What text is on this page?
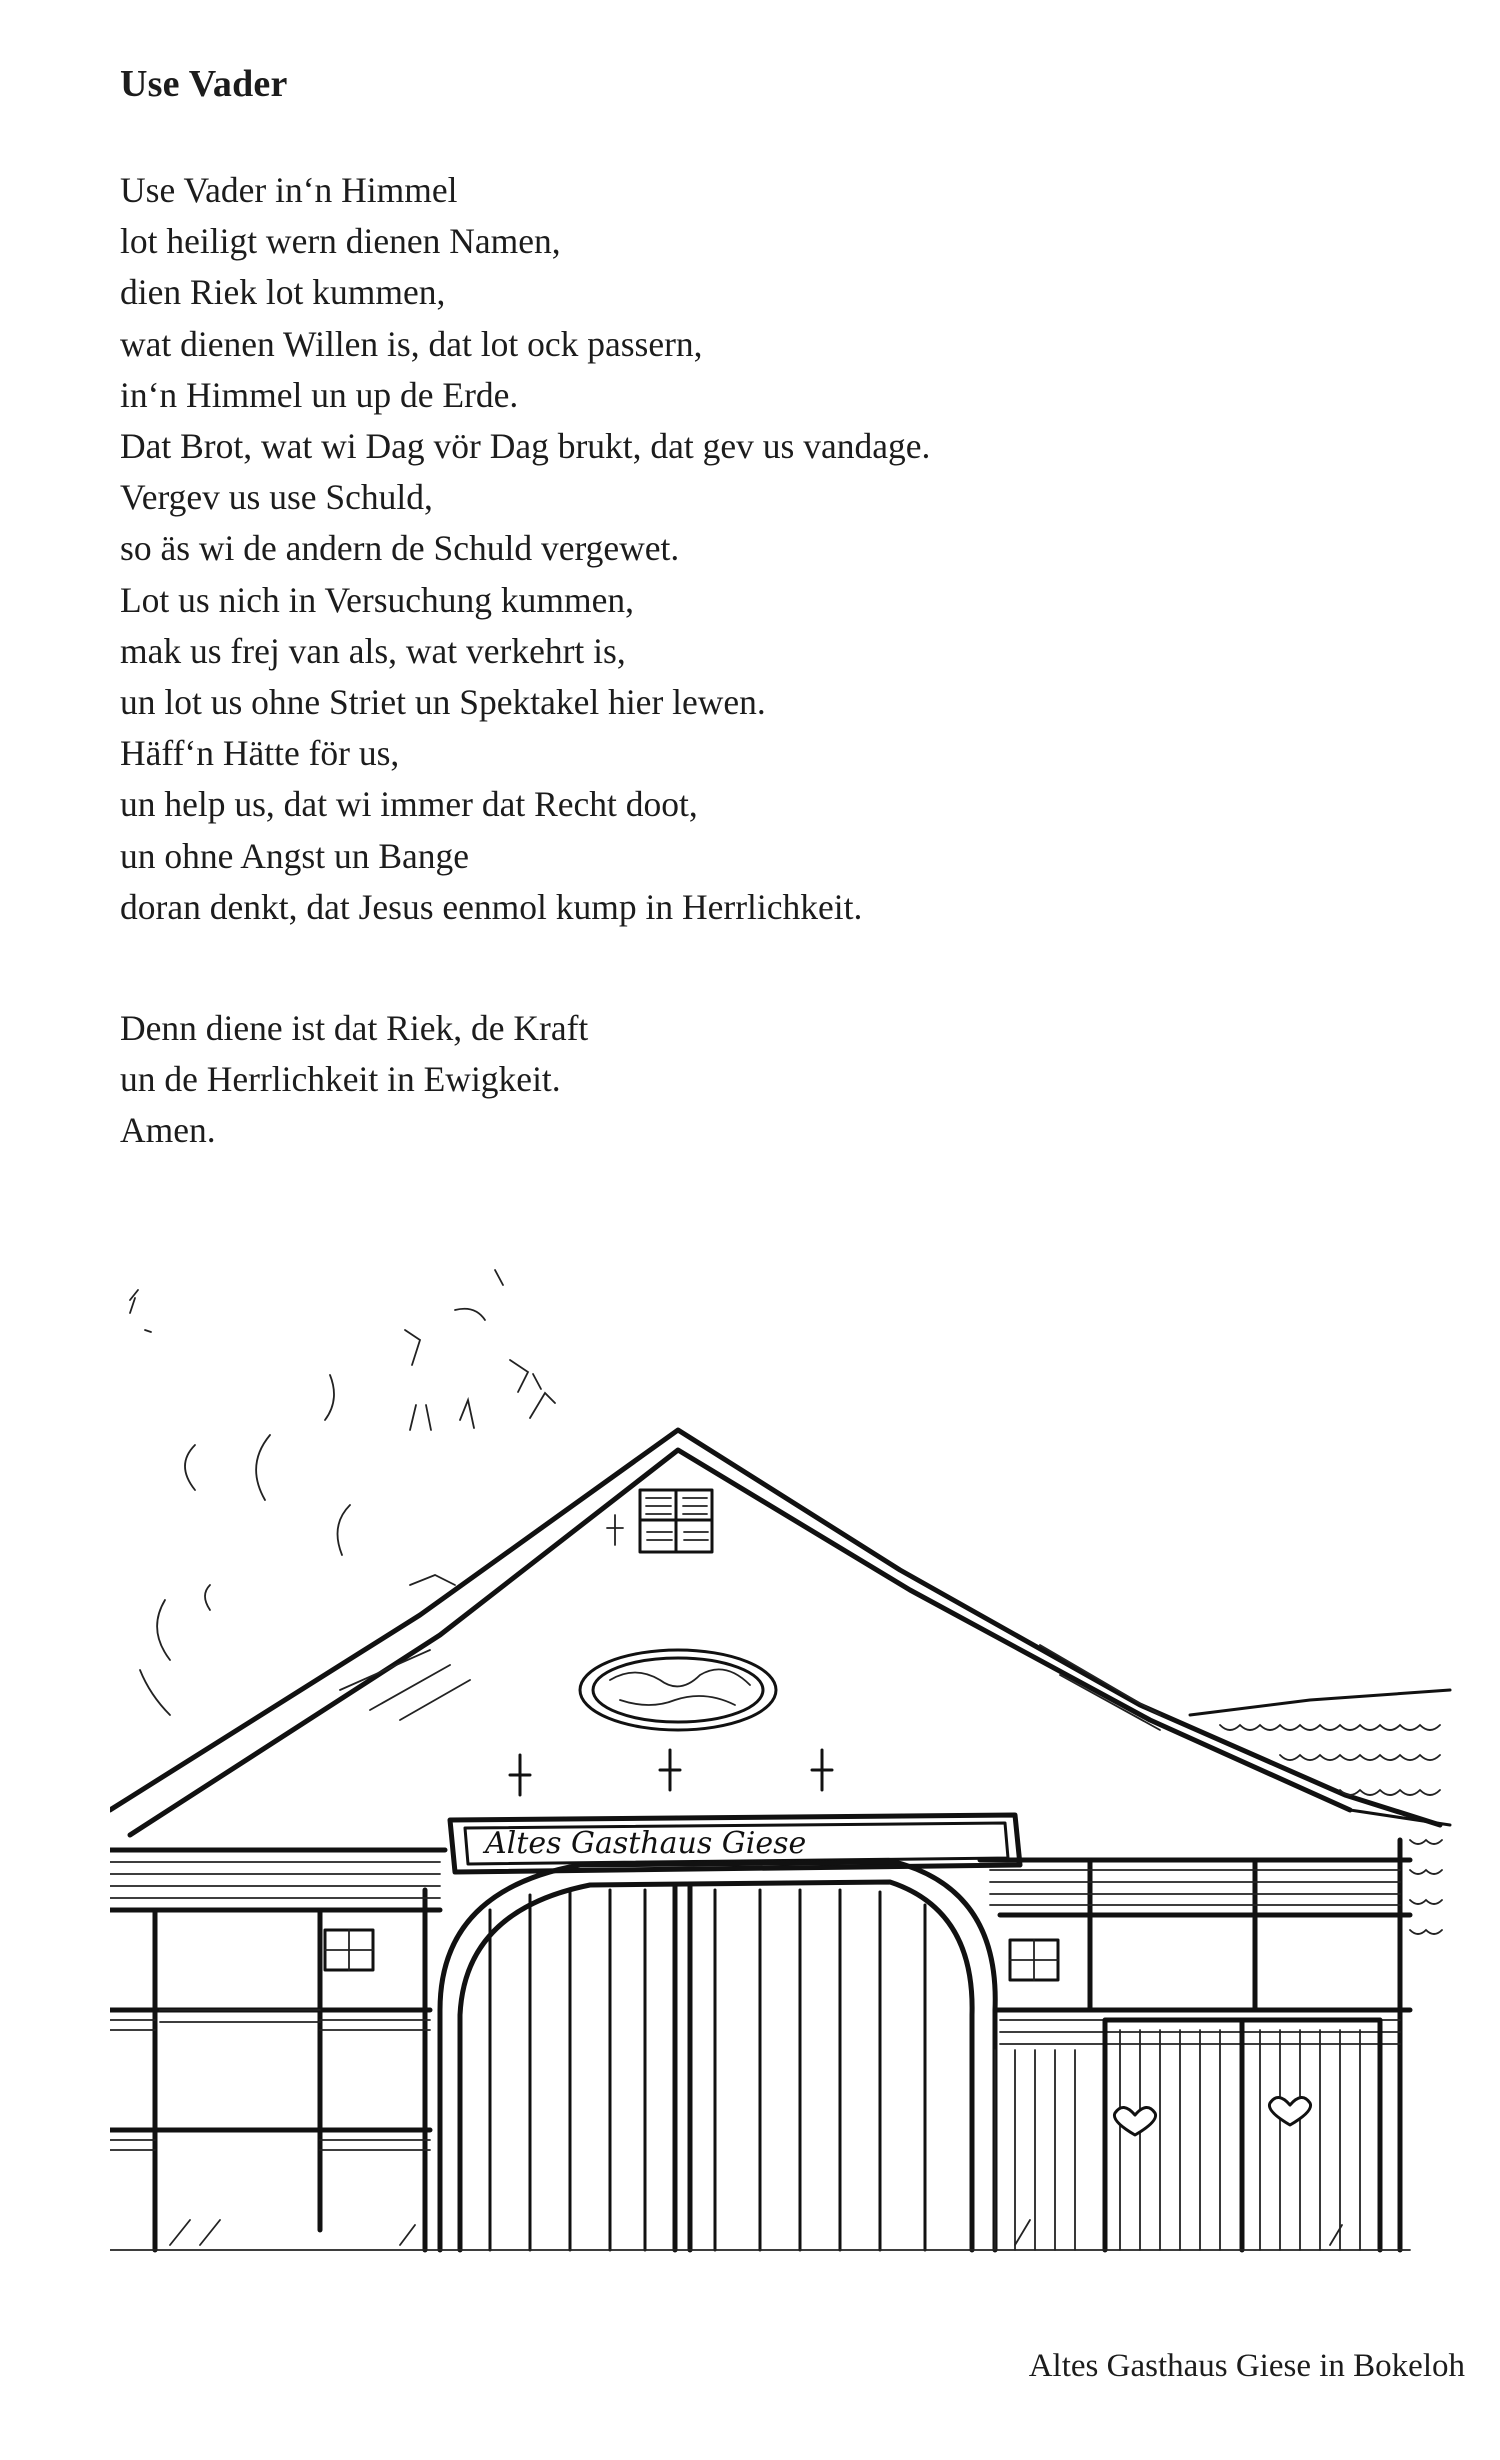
Use Vader
Use Vader in‘n Himmel
lot heiligt wern dienen Namen,
dien Riek lot kummen,
wat dienen Willen is, dat lot ock passern,
in‘n Himmel un up de Erde.
Dat Brot, wat wi Dag vör Dag brukt, dat gev us vandage.
Vergev us use Schuld,
so äs wi de andern de Schuld vergewet.
Lot us nich in Versuchung kummen,
mak us frej van als, wat verkehrt is,
un lot us ohne Striet un Spektakel hier lewen.
Häff‘n Hätte för us,
un help us, dat wi immer dat Recht doot,
un ohne Angst un Bange
doran denkt, dat Jesus eenmol kump in Herrlichkeit.
Denn diene ist dat Riek, de Kraft
un de Herrlichkeit in Ewigkeit.
Amen.
Altes Gasthaus Giese
Altes Gasthaus Giese in Bokeloh
